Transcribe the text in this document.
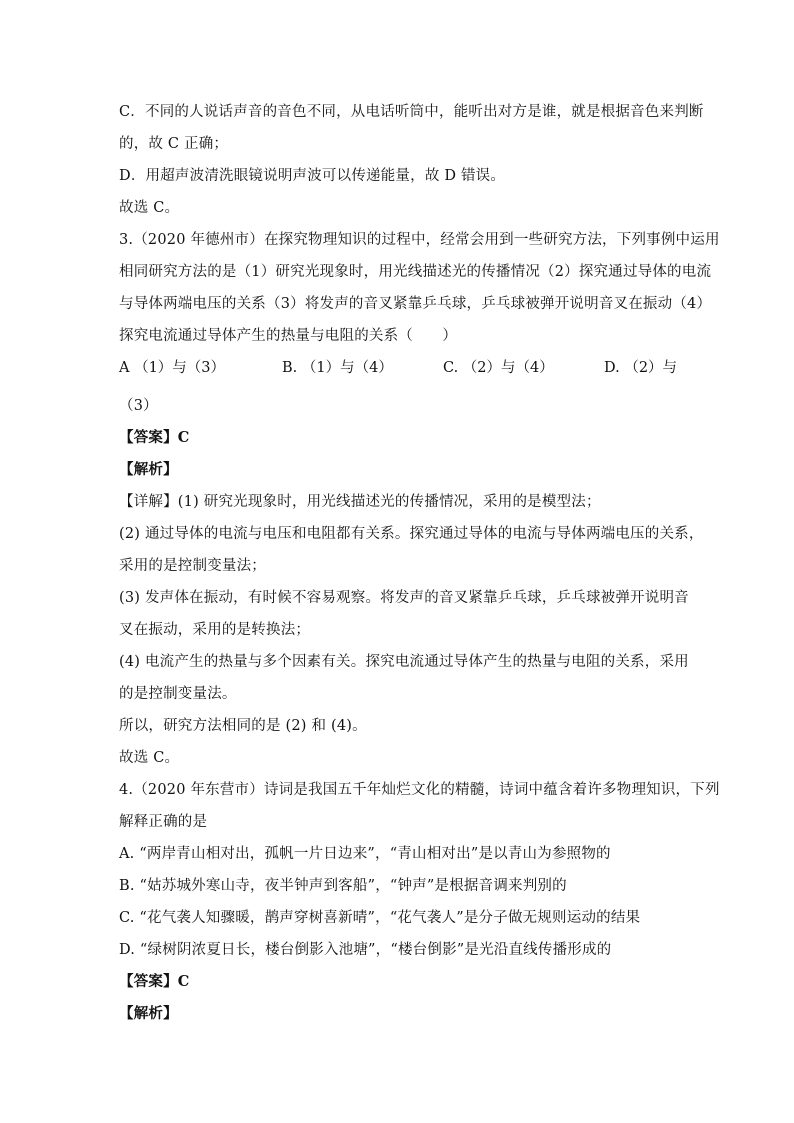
C．不同的人说话声音的音色不同，从电话听筒中，能听出对方是谁，就是根据音色来判断
的，故 C 正确；
D．用超声波清洗眼镜说明声波可以传递能量，故 D 错误。
故选 C。
3.（2020 年德州市）在探究物理知识的过程中，经常会用到一些研究方法，下列事例中运用
相同研究方法的是（1）研究光现象时，用光线描述光的传播情况（2）探究通过导体的电流
与导体两端电压的关系（3）将发声的音叉紧靠乒乓球，乒乓球被弹开说明音叉在振动（4）
探究电流通过导体产生的热量与电阻的关系（　　）
A （1）与（3）	B. （1）与（4）	C. （2）与（4）	D. （2）与
（3）
【答案】C
【解析】
【详解】(1) 研究光现象时，用光线描述光的传播情况，采用的是模型法；
(2) 通过导体的电流与电压和电阻都有关系。探究通过导体的电流与导体两端电压的关系，
采用的是控制变量法；
(3) 发声体在振动，有时候不容易观察。将发声的音叉紧靠乒乓球，乒乓球被弹开说明音
叉在振动，采用的是转换法；
(4) 电流产生的热量与多个因素有关。探究电流通过导体产生的热量与电阻的关系，采用
的是控制变量法。
所以，研究方法相同的是 (2) 和 (4)。
故选 C。
4.（2020 年东营市）诗词是我国五千年灿烂文化的精髓，诗词中蕴含着许多物理知识，下列
解释正确的是
A. “两岸青山相对出，孤帆一片日边来”，“青山相对出”是以青山为参照物的
B. “姑苏城外寒山寺，夜半钟声到客船”，“钟声”是根据音调来判别的
C. “花气袭人知骤暖，鹊声穿树喜新晴”，“花气袭人”是分子做无规则运动的结果
D. “绿树阴浓夏日长，楼台倒影入池塘”，“楼台倒影”是光沿直线传播形成的
【答案】C
【解析】
